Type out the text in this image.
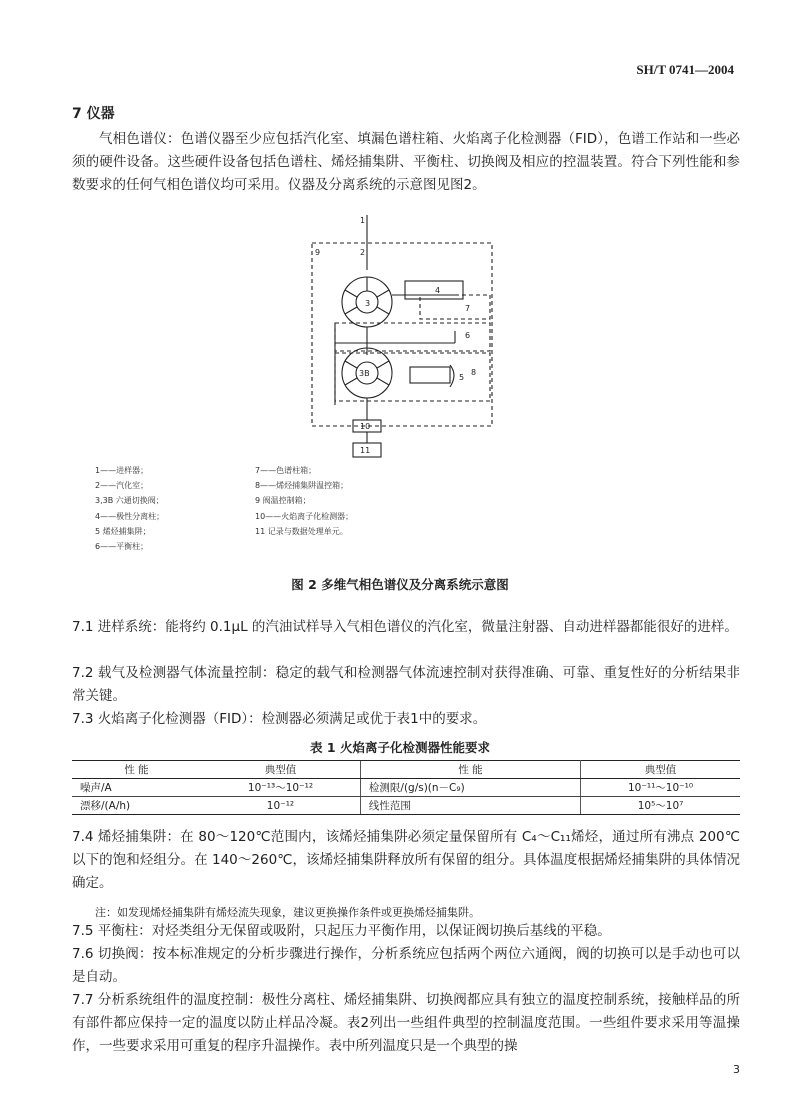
SH/T 0741—2004
7 仪器
气相色谱仪：色谱仪器至少应包括汽化室、填漏色谱柱箱、火焰离子化检测器（FID），色谱工作站和一些必须的硬件设备。这些硬件设备包括色谱柱、烯烃捕集阱、平衡柱、切换阀及相应的控温装置。符合下列性能和参数要求的任何气相色谱仪均可采用。仪器及分离系统的示意图见图2。
1
2
3
4
5
6
7
8
9
10
11
3B
1——进样器；
2——汽化室；
3,3B 六通切换阀；
4——极性分离柱；
5 烯烃捕集阱；
6——平衡柱；
7——色谱柱箱；
8——烯烃捕集阱温控箱；
9 阀温控制箱；
10——火焰离子化检测器；
11 记录与数据处理单元。
图 2 多维气相色谱仪及分离系统示意图
7.1 进样系统：能将约 0.1μL 的汽油试样导入气相色谱仪的汽化室，微量注射器、自动进样器都能很好的进样。
7.2 载气及检测器气体流量控制：稳定的载气和检测器气体流速控制对获得准确、可靠、重复性好的分析结果非常关键。
7.3 火焰离子化检测器（FID）：检测器必须满足或优于表1中的要求。
表 1 火焰离子化检测器性能要求
性 能	典型值	性 能	典型值
噪声/A	10⁻¹³～10⁻¹²	检测限/(g/s)(n－C₉)	10⁻¹¹～10⁻¹⁰
漂移/(A/h)	10⁻¹²	线性范围	10⁵～10⁷
7.4 烯烃捕集阱：在 80～120℃范围内，该烯烃捕集阱必须定量保留所有 C₄～C₁₁烯烃，通过所有沸点 200℃以下的饱和烃组分。在 140～260℃，该烯烃捕集阱释放所有保留的组分。具体温度根据烯烃捕集阱的具体情况确定。
注：如发现烯烃捕集阱有烯烃流失现象，建议更换操作条件或更换烯烃捕集阱。
7.5 平衡柱：对烃类组分无保留或吸附，只起压力平衡作用，以保证阀切换后基线的平稳。
7.6 切换阀：按本标准规定的分析步骤进行操作，分析系统应包括两个两位六通阀，阀的切换可以是手动也可以是自动。
7.7 分析系统组件的温度控制：极性分离柱、烯烃捕集阱、切换阀都应具有独立的温度控制系统，接触样品的所有部件都应保持一定的温度以防止样品冷凝。表2列出一些组件典型的控制温度范围。一些组件要求采用等温操作，一些要求采用可重复的程序升温操作。表中所列温度只是一个典型的操
3
